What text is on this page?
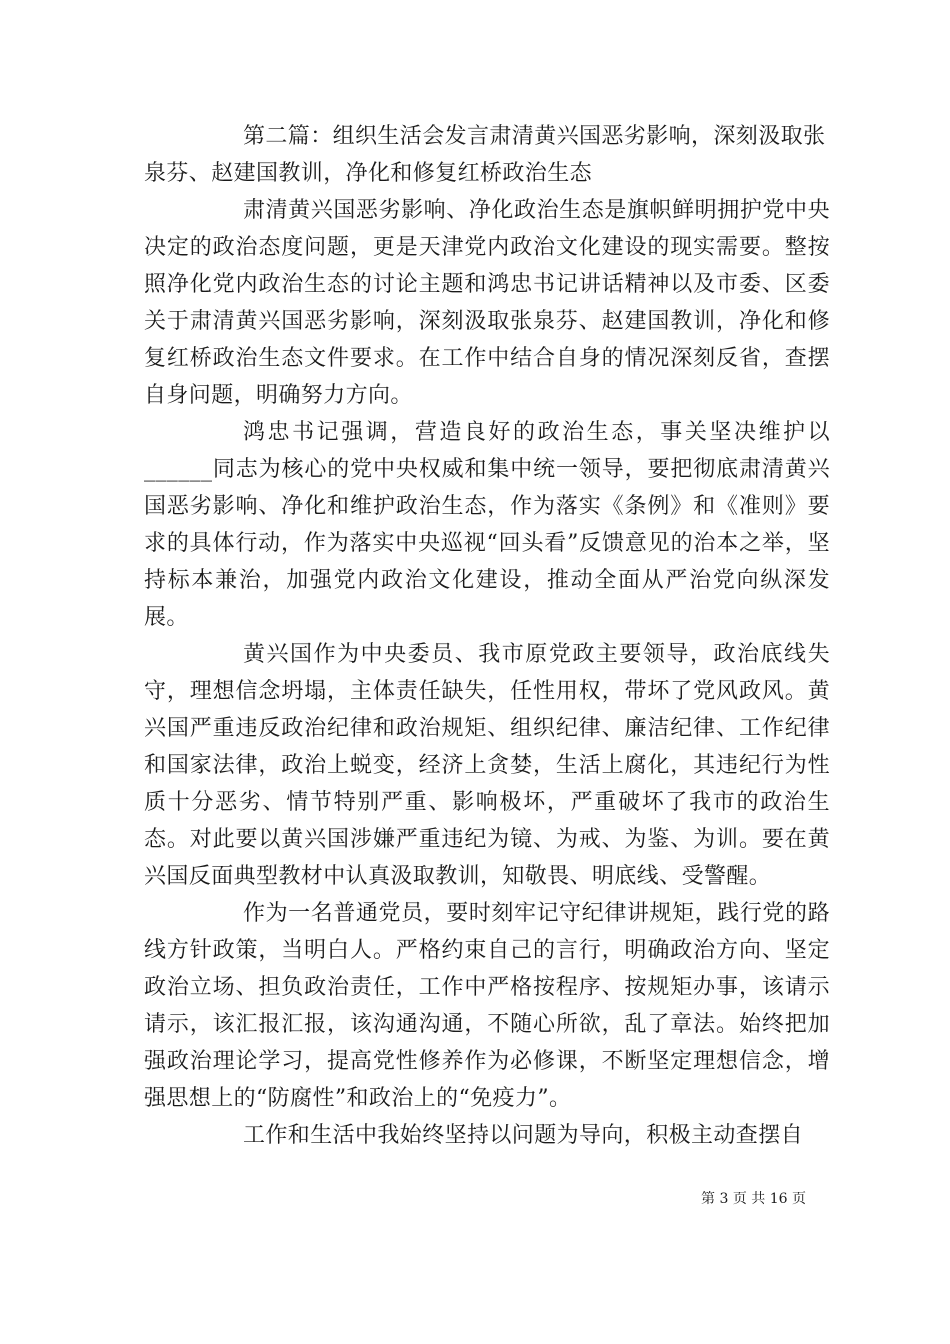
第二篇：组织生活会发言肃清黄兴国恶劣影响，深刻汲取张泉芬、赵建国教训，净化和修复红桥政治生态

肃清黄兴国恶劣影响、净化政治生态是旗帜鲜明拥护党中央决定的政治态度问题，更是天津党内政治文化建设的现实需要。整按照净化党内政治生态的讨论主题和鸿忠书记讲话精神以及市委、区委关于肃清黄兴国恶劣影响，深刻汲取张泉芬、赵建国教训，净化和修复红桥政治生态文件要求。在工作中结合自身的情况深刻反省，查摆自身问题，明确努力方向。

鸿忠书记强调，营造良好的政治生态，事关坚决维护以______同志为核心的党中央权威和集中统一领导，要把彻底肃清黄兴国恶劣影响、净化和维护政治生态，作为落实《条例》和《准则》要求的具体行动，作为落实中央巡视“回头看”反馈意见的治本之举，坚持标本兼治，加强党内政治文化建设，推动全面从严治党向纵深发展。

黄兴国作为中央委员、我市原党政主要领导，政治底线失守，理想信念坍塌，主体责任缺失，任性用权，带坏了党风政风。黄兴国严重违反政治纪律和政治规矩、组织纪律、廉洁纪律、工作纪律和国家法律，政治上蜕变，经济上贪婪，生活上腐化，其违纪行为性质十分恶劣、情节特别严重、影响极坏，严重破坏了我市的政治生态。对此要以黄兴国涉嫌严重违纪为镜、为戒、为鉴、为训。要在黄兴国反面典型教材中认真汲取教训，知敬畏、明底线、受警醒。

作为一名普通党员，要时刻牢记守纪律讲规矩，践行党的路线方针政策，当明白人。严格约束自己的言行，明确政治方向、坚定政治立场、担负政治责任，工作中严格按程序、按规矩办事，该请示请示，该汇报汇报，该沟通沟通，不随心所欲，乱了章法。始终把加强政治理论学习，提高党性修养作为必修课，不断坚定理想信念，增强思想上的“防腐性”和政治上的“免疫力”。

工作和生活中我始终坚持以问题为导向，积极主动查摆自

第 3 页 共 16 页
